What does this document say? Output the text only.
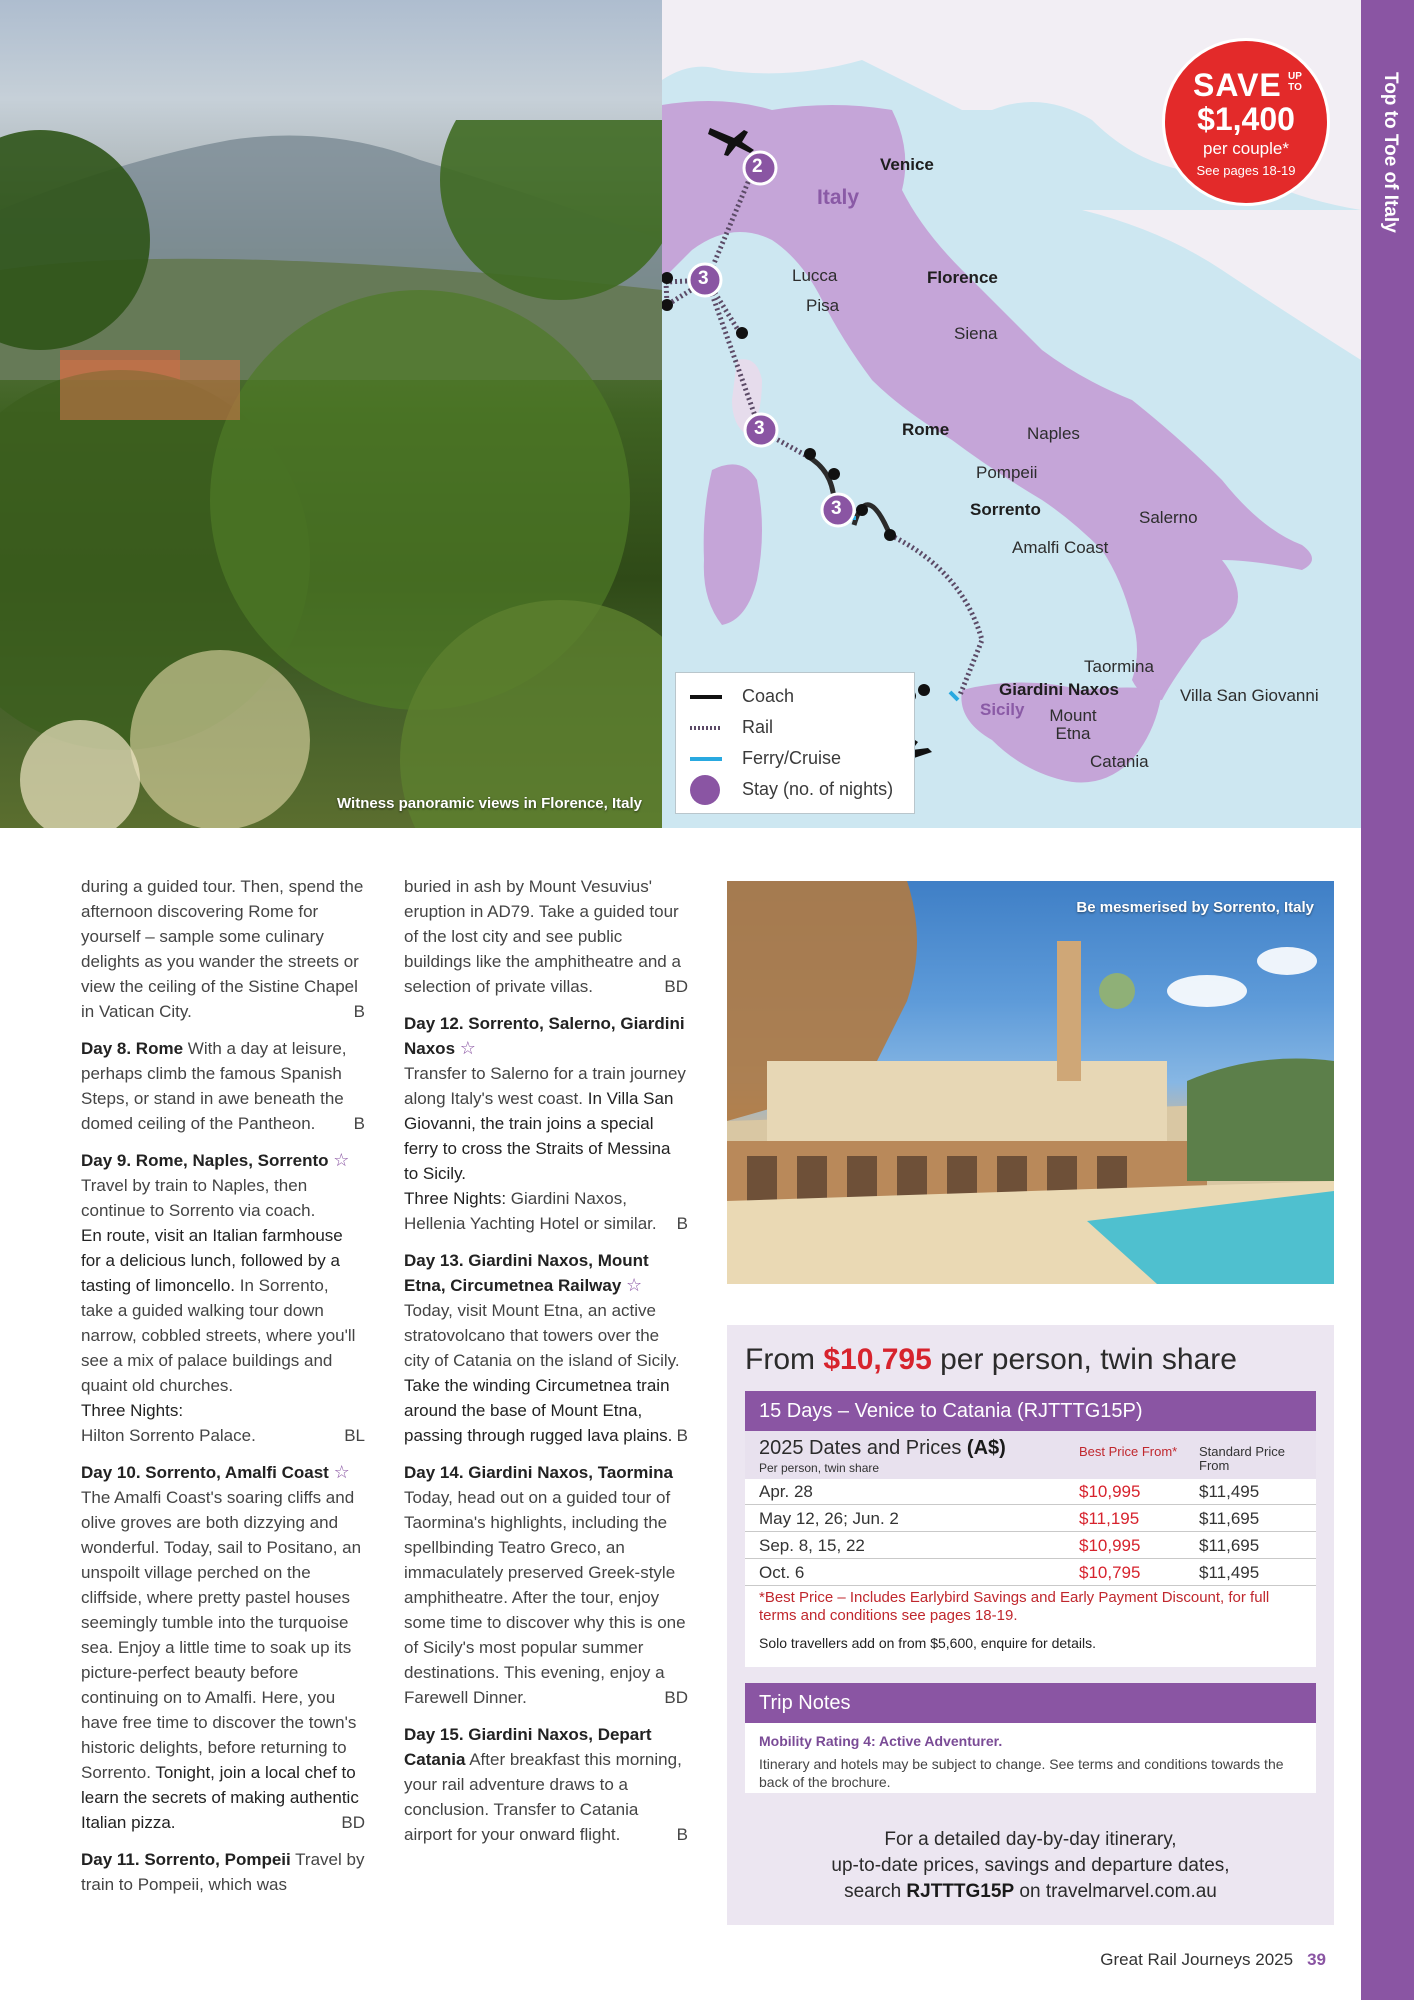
Witness panoramic views in Florence, Italy
Italy
Sicily
Venice
2
Lucca
Pisa
Florence
3
Siena
Rome
3	Naples
Pompeii
Sorrento
3	Salerno
Amalfi Coast
Taormina
Giardini Naxos	Villa San Giovanni
Mount Etna
Catania
SAVE UP TO
$1,400
per couple*
See pages 18-19
Coach
Rail
Ferry/Cruise
Stay (no. of nights)
Top to Toe of Italy
during a guided tour. Then, spend the afternoon discovering Rome for yourself – sample some culinary delights as you wander the streets or view the ceiling of the Sistine Chapel in Vatican City.	B
Day 8. Rome With a day at leisure, perhaps climb the famous Spanish Steps, or stand in awe beneath the domed ceiling of the Pantheon. B
Day 9. Rome, Naples, Sorrento ☆
Travel by train to Naples, then continue to Sorrento via coach.
En route, visit an Italian farmhouse for a delicious lunch, followed by a tasting of limoncello. In Sorrento, take a guided walking tour down narrow, cobbled streets, where you'll see a mix of palace buildings and quaint old churches.
Three Nights:
Hilton Sorrento Palace.	BL
Day 10. Sorrento, Amalfi Coast ☆
The Amalfi Coast's soaring cliffs and olive groves are both dizzying and wonderful. Today, sail to Positano, an unspoilt village perched on the cliffside, where pretty pastel houses seemingly tumble into the turquoise sea. Enjoy a little time to soak up its picture-perfect beauty before continuing on to Amalfi. Here, you have free time to discover the town's historic delights, before returning to Sorrento. Tonight, join a local chef to learn the secrets of making authentic Italian pizza.	BD
Day 11. Sorrento, Pompeii Travel by train to Pompeii, which was
buried in ash by Mount Vesuvius' eruption in AD79. Take a guided tour of the lost city and see public buildings like the amphitheatre and a selection of private villas.	BD
Day 12. Sorrento, Salerno, Giardini Naxos ☆
Transfer to Salerno for a train journey along Italy's west coast. In Villa San Giovanni, the train joins a special ferry to cross the Straits of Messina to Sicily.
Three Nights: Giardini Naxos, Hellenia Yachting Hotel or similar. B
Day 13. Giardini Naxos, Mount Etna, Circumetnea Railway ☆
Today, visit Mount Etna, an active stratovolcano that towers over the city of Catania on the island of Sicily. Take the winding Circumetnea train around the base of Mount Etna, passing through rugged lava plains. B
Day 14. Giardini Naxos, Taormina
Today, head out on a guided tour of Taormina's highlights, including the spellbinding Teatro Greco, an immaculately preserved Greek-style amphitheatre. After the tour, enjoy some time to discover why this is one of Sicily's most popular summer destinations. This evening, enjoy a Farewell Dinner.	BD
Day 15. Giardini Naxos, Depart Catania After breakfast this morning, your rail adventure draws to a conclusion. Transfer to Catania airport for your onward flight.	B
Be mesmerised by Sorrento, Italy
From $10,795 per person, twin share
15 Days – Venice to Catania (RJTTTG15P)
2025 Dates and Prices (A$)
Per person, twin share
Best Price From* Standard Price From
Apr. 28	$10,995	$11,495
May 12, 26; Jun. 2	$11,195	$11,695
Sep. 8, 15, 22	$10,995	$11,695
Oct. 6	$10,795	$11,495
*Best Price – Includes Earlybird Savings and Early Payment Discount, for full terms and conditions see pages 18-19.
Solo travellers add on from $5,600, enquire for details.
Trip Notes
Mobility Rating 4: Active Adventurer.
Itinerary and hotels may be subject to change. See terms and conditions towards the back of the brochure.
For a detailed day-by-day itinerary,
up-to-date prices, savings and departure dates,
search RJTTTG15P on travelmarvel.com.au
Great Rail Journeys 2025 39
